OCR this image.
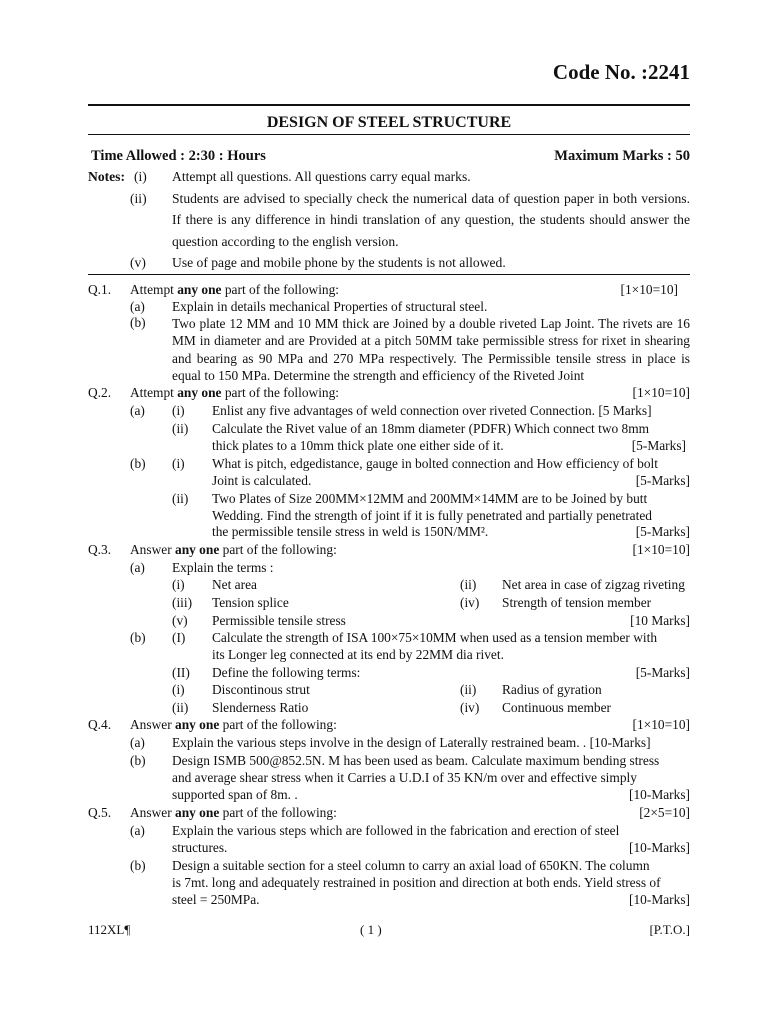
Code No. :2241
DESIGN OF STEEL STRUCTURE
Time Allowed : 2:30 : Hours	Maximum Marks : 50
Notes: (i) Attempt all questions. All questions carry equal marks.
(ii) Students are advised to specially check the numerical data of question paper in both versions. If there is any difference in hindi translation of any question, the students should answer the question according to the english version.
(v) Use of page and mobile phone by the students is not allowed.
Q.1. Attempt any one part of the following:	[1×10=10]
(a) Explain in details mechanical Properties of structural steel.
(b) Two plate 12 MM and 10 MM thick are Joined by a double riveted Lap Joint. The rivets are 16 MM in diameter and are Provided at a pitch 50MM take permissible stress for rixet in shearing and bearing as 90 MPa and 270 MPa respectively. The Permissible tensile stress in place is equal to 150 MPa. Determine the strength and efficiency of the Riveted Joint
Q.2. Attempt any one part of the following:	[1×10=10]
(a) (i) Enlist any five advantages of weld connection over riveted Connection. [5 Marks]
(ii) Calculate the Rivet value of an 18mm diameter (PDFR) Which connect two 8mm
thick plates to a 10mm thick plate one either side of it.	[5-Marks]
(b) (i) What is pitch, edgedistance, gauge in bolted connection and How efficiency of bolt
Joint is calculated.	[5-Marks]
(ii) Two Plates of Size 200MM×12MM and 200MM×14MM are to be Joined by butt
Wedding. Find the strength of joint if it is fully penetrated and partially penetrated
the permissible tensile stress in weld is 150N/MM².	[5-Marks]
Q.3. Answer any one part of the following:	[1×10=10]
(a) Explain the terms :
(i) Net area	(ii) Net area in case of zigzag riveting
(iii) Tension splice	(iv) Strength of tension member
(v) Permissible tensile stress	[10 Marks]
(b) (I) Calculate the strength of ISA 100×75×10MM when used as a tension member with
its Longer leg connected at its end by 22MM dia rivet.
(II) Define the following terms:	[5-Marks]
(i) Discontinous strut	(ii) Radius of gyration
(ii) Slenderness Ratio	(iv) Continuous member
Q.4. Answer any one part of the following:	[1×10=10]
(a) Explain the various steps involve in the design of Laterally restrained beam. . [10-Marks]
(b) Design ISMB 500@852.5N. M has been used as beam. Calculate maximum bending stress
and average shear stress when it Carries a U.D.I of 35 KN/m over and effective simply
supported span of 8m. .	[10-Marks]
Q.5. Answer any one part of the following:	[2×5=10]
(a) Explain the various steps which are followed in the fabrication and erection of steel
structures.	[10-Marks]
(b) Design a suitable section for a steel column to carry an axial load of 650KN. The column
is 7mt. long and adequately restrained in position and direction at both ends. Yield stress of
steel = 250MPa.	[10-Marks]
112XL¶	( 1 )	[P.T.O.]
